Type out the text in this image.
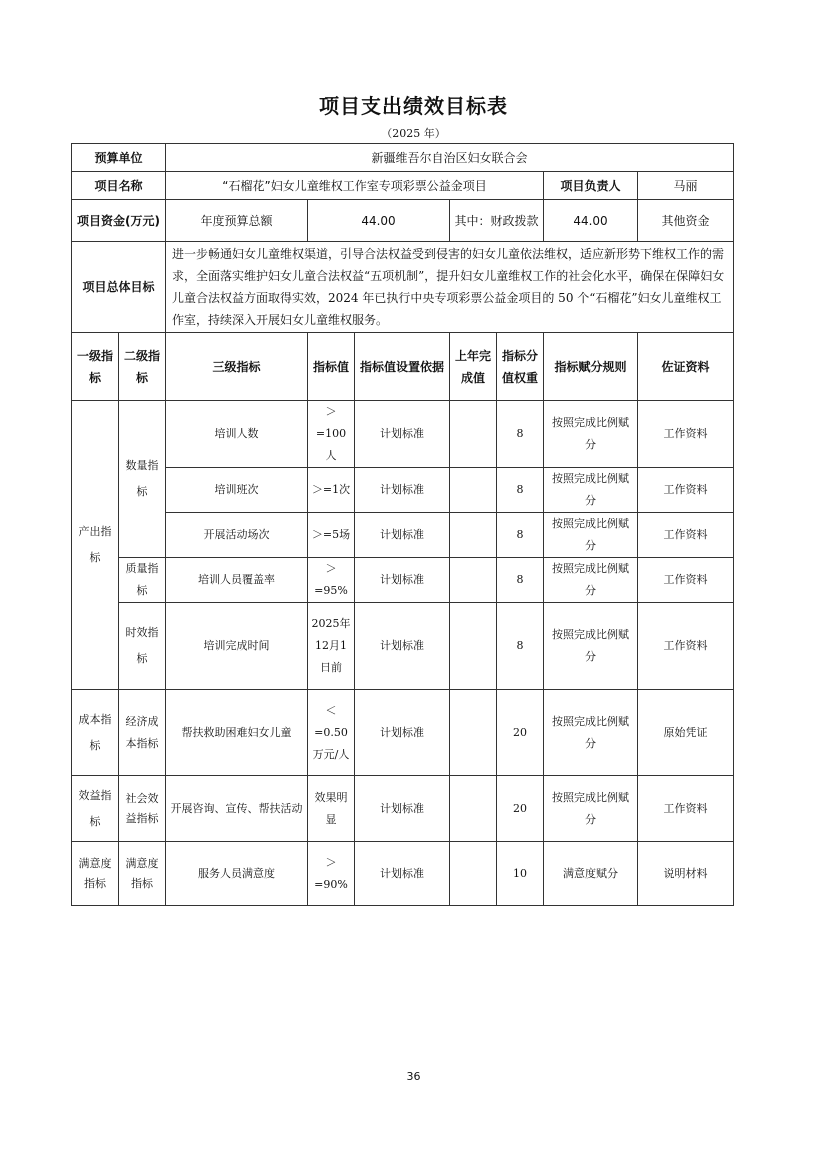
项目支出绩效目标表
（2025 年）
预算单位		新疆维吾尔自治区妇女联合会						
项目名称		“石榴花”妇女儿童维权工作室专项彩票公益金项目					项目负责人	马丽
项目资金(万元)		年度预算总额	44.00		其中：财政拨款		44.00	其他资金
项目总体目标		进一步畅通妇女儿童维权渠道，引导合法权益受到侵害的妇女儿童依法维权，适应新形势下维权工作的需求，全面落实维护妇女儿童合法权益“五项机制”，提升妇女儿童维权工作的社会化水平，确保在保障妇女儿童合法权益方面取得实效，2024 年已执行中央专项彩票公益金项目的 50 个“石榴花”妇女儿童维权工作室，持续深入开展妇女儿童维权服务。						
一级指标	二级指标	三级指标	指标值	指标值设置依据	上年完成值	指标分值权重	指标赋分规则	佐证资料
产出指标	数量指标	培训人数	＞=100人	计划标准		8	按照完成比例赋分	工作资料
		培训班次	＞=1次	计划标准		8	按照完成比例赋分	工作资料
		开展活动场次	＞=5场	计划标准		8	按照完成比例赋分	工作资料
	质量指标	培训人员覆盖率	＞=95%	计划标准		8	按照完成比例赋分	工作资料
	时效指标	培训完成时间	2025年12月1日前	计划标准		8	按照完成比例赋分	工作资料
成本指标	经济成本指标	帮扶救助困难妇女儿童	＜=0.50万元/人	计划标准		20	按照完成比例赋分	原始凭证
效益指标	社会效益指标	开展咨询、宣传、帮扶活动	效果明显	计划标准		20	按照完成比例赋分	工作资料
满意度指标	满意度指标	服务人员满意度	＞=90%	计划标准		10	满意度赋分	说明材料
36
